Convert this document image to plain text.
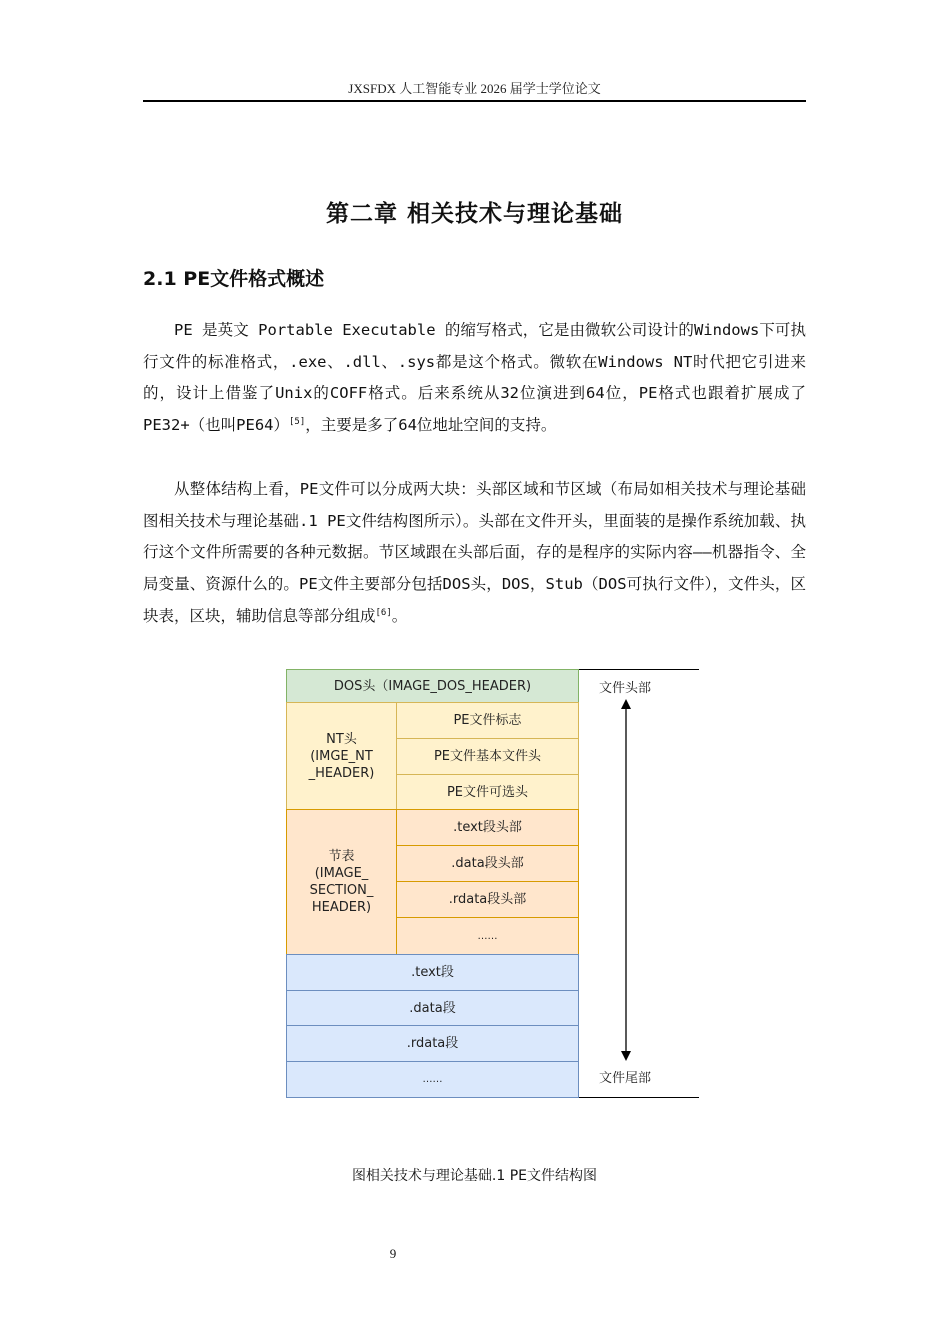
JXSFDX 人工智能专业 2026 届学士学位论文
第二章 相关技术与理论基础
2.1 PE文件格式概述

PE 是英文 Portable Executable 的缩写格式，它是由微软公司设计的Windows下可执行文件的标准格式，.exe、.dll、.sys都是这个格式。微软在Windows NT时代把它引进来的，设计上借鉴了Unix的COFF格式。后来系统从32位演进到64位，PE格式也跟着扩展成了PE32+（也叫PE64）[5]，主要是多了64位地址空间的支持。

从整体结构上看，PE文件可以分成两大块：头部区域和节区域（布局如相关技术与理论基础图相关技术与理论基础.1 PE文件结构图所示）。头部在文件开头，里面装的是操作系统加载、执行这个文件所需要的各种元数据。节区域跟在头部后面，存的是程序的实际内容——机器指令、全局变量、资源什么的。PE文件主要部分包括DOS头，DOS，Stub（DOS可执行文件），文件头，区块表，区块，辅助信息等部分组成[6]。

DOS头（IMAGE_DOS_HEADER)
NT头
(IMGE_NT
_HEADER)
PE文件标志
PE文件基本文件头
PE文件可选头
节表
(IMAGE_
SECTION_
HEADER)
.text段头部
.data段头部
.rdata段头部
……
.text段
.data段
.rdata段
……
文件头部
文件尾部
图相关技术与理论基础.1 PE文件结构图
9
